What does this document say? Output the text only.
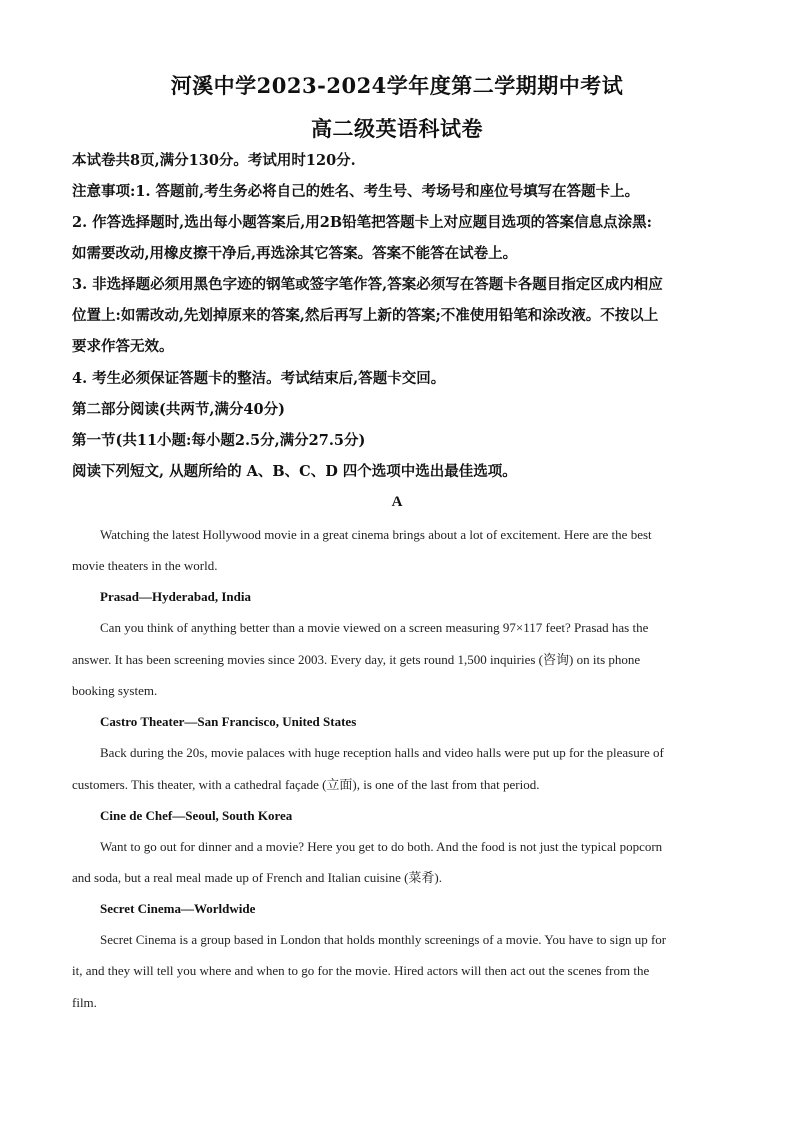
河溪中学2023-2024学年度第二学期期中考试
高二级英语科试卷
本试卷共8页,满分130分。考试用时120分.
注意事项:1. 答题前,考生务必将自己的姓名、考生号、考场号和座位号填写在答题卡上。
2. 作答选择题时,选出每小题答案后,用2B铅笔把答题卡上对应题目选项的答案信息点涂黑:
如需要改动,用橡皮擦干净后,再选涂其它答案。答案不能答在试卷上。
3. 非选择题必须用黑色字迹的钢笔或签字笔作答,答案必须写在答题卡各题目指定区成内相应
位置上:如需改动,先划掉原来的答案,然后再写上新的答案;不准使用铅笔和涂改液。不按以上
要求作答无效。
4. 考生必须保证答题卡的整洁。考试结束后,答题卡交回。
第二部分阅读(共两节,满分40分)
第一节(共11小题:每小题2.5分,满分27.5分)
阅读下列短文, 从题所给的 A、B、C、D 四个选项中选出最佳选项。
A
Watching the latest Hollywood movie in a great cinema brings about a lot of excitement. Here are the best
movie theaters in the world.
Prasad—Hyderabad, India
Can you think of anything better than a movie viewed on a screen measuring 97×117 feet? Prasad has the
answer. It has been screening movies since 2003. Every day, it gets round 1,500 inquiries (咨询) on its phone
booking system.
Castro Theater—San Francisco, United States
Back during the 20s, movie palaces with huge reception halls and video halls were put up for the pleasure of
customers. This theater, with a cathedral façade (立面), is one of the last from that period.
Cine de Chef—Seoul, South Korea
Want to go out for dinner and a movie? Here you get to do both. And the food is not just the typical popcorn
and soda, but a real meal made up of French and Italian cuisine (菜肴).
Secret Cinema—Worldwide
Secret Cinema is a group based in London that holds monthly screenings of a movie. You have to sign up for
it, and they will tell you where and when to go for the movie. Hired actors will then act out the scenes from the
film.
